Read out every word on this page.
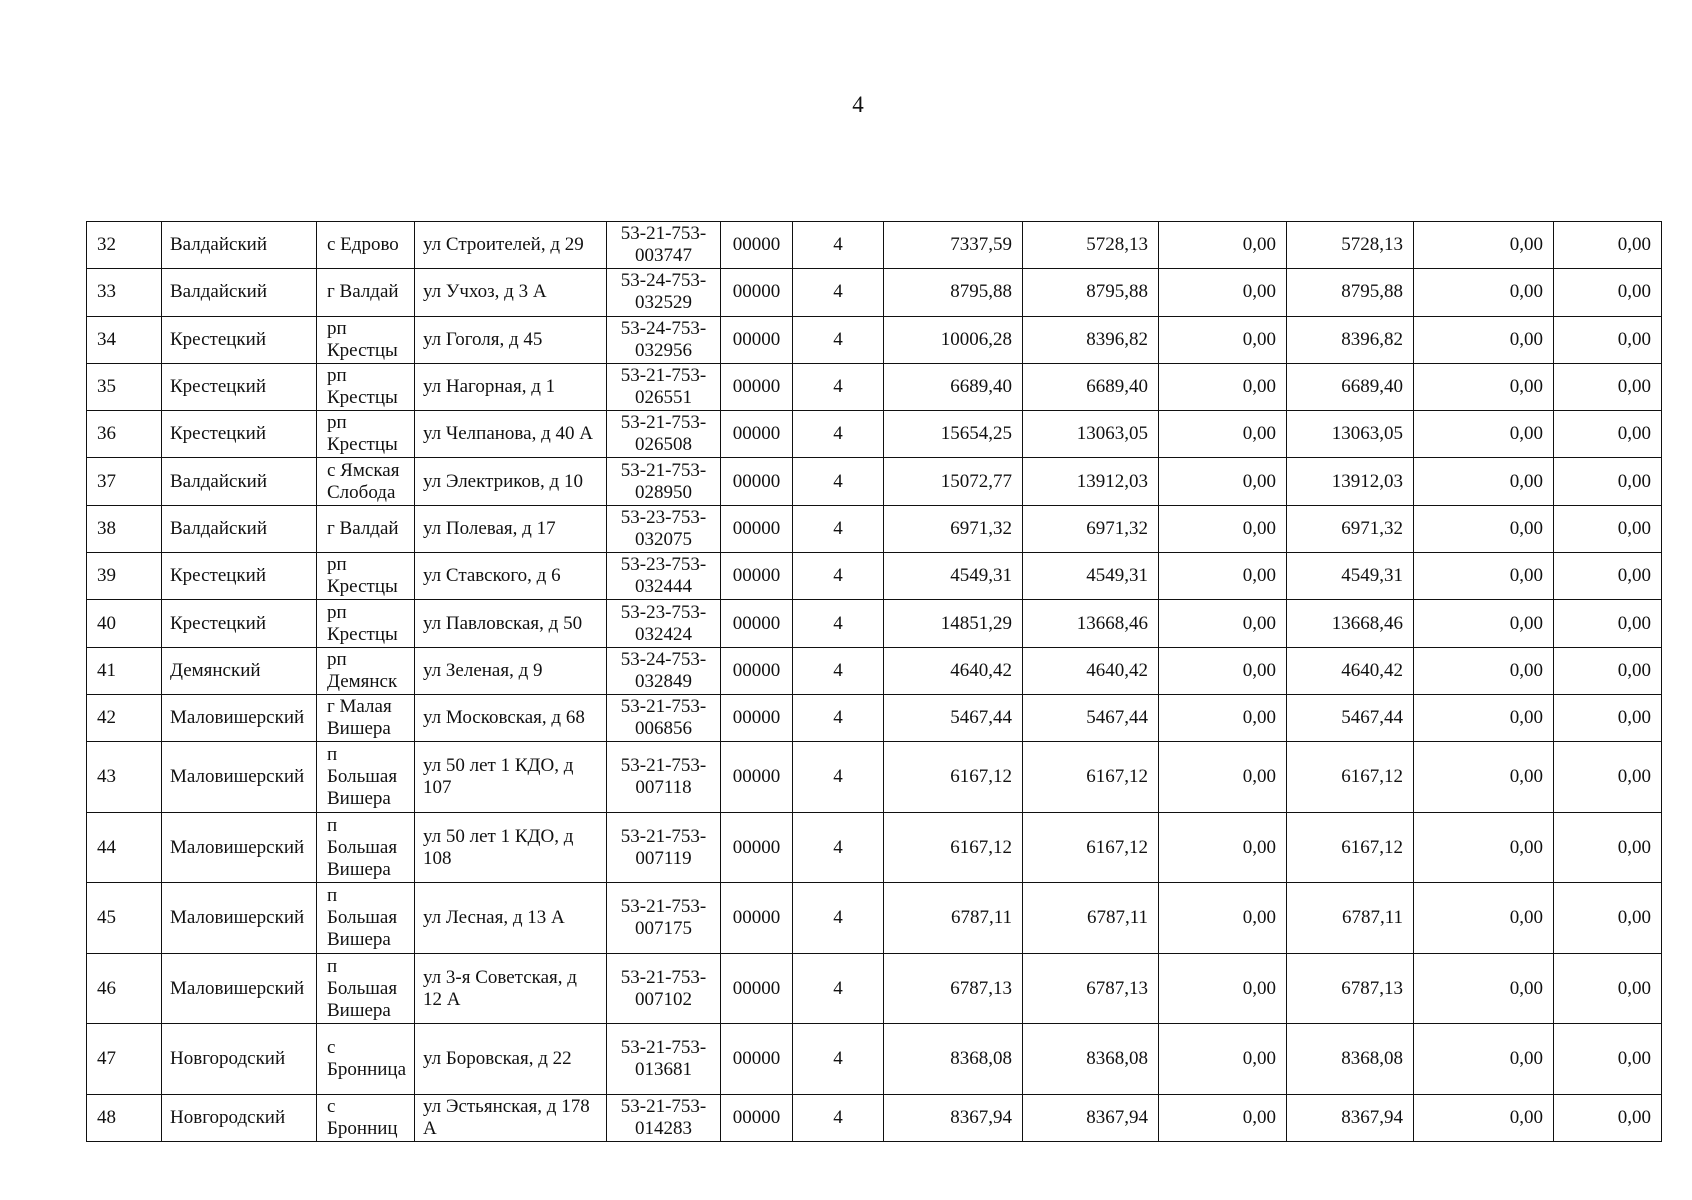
4
32	Валдайский	с Едрово	ул Строителей, д 29	53-21-753-003747	00000	4	7337,59	5728,13	0,00	5728,13	0,00	0,00
33	Валдайский	г Валдай	ул Учхоз, д 3 А	53-24-753-032529	00000	4	8795,88	8795,88	0,00	8795,88	0,00	0,00
34	Крестецкий	рп Крестцы	ул Гоголя, д 45	53-24-753-032956	00000	4	10006,28	8396,82	0,00	8396,82	0,00	0,00
35	Крестецкий	рп Крестцы	ул Нагорная, д 1	53-21-753-026551	00000	4	6689,40	6689,40	0,00	6689,40	0,00	0,00
36	Крестецкий	рп Крестцы	ул Челпанова, д 40 А	53-21-753-026508	00000	4	15654,25	13063,05	0,00	13063,05	0,00	0,00
37	Валдайский	с Ямская Слобода	ул Электриков, д 10	53-21-753-028950	00000	4	15072,77	13912,03	0,00	13912,03	0,00	0,00
38	Валдайский	г Валдай	ул Полевая, д 17	53-23-753-032075	00000	4	6971,32	6971,32	0,00	6971,32	0,00	0,00
39	Крестецкий	рп Крестцы	ул Ставского, д 6	53-23-753-032444	00000	4	4549,31	4549,31	0,00	4549,31	0,00	0,00
40	Крестецкий	рп Крестцы	ул Павловская, д 50	53-23-753-032424	00000	4	14851,29	13668,46	0,00	13668,46	0,00	0,00
41	Демянский	рп Демянск	ул Зеленая, д 9	53-24-753-032849	00000	4	4640,42	4640,42	0,00	4640,42	0,00	0,00
42	Маловишерский	г Малая Вишера	ул Московская, д 68	53-21-753-006856	00000	4	5467,44	5467,44	0,00	5467,44	0,00	0,00
43	Маловишерский	п Большая Вишера	ул 50 лет 1 КДО, д 107	53-21-753-007118	00000	4	6167,12	6167,12	0,00	6167,12	0,00	0,00
44	Маловишерский	п Большая Вишера	ул 50 лет 1 КДО, д 108	53-21-753-007119	00000	4	6167,12	6167,12	0,00	6167,12	0,00	0,00
45	Маловишерский	п Большая Вишера	ул Лесная, д 13 А	53-21-753-007175	00000	4	6787,11	6787,11	0,00	6787,11	0,00	0,00
46	Маловишерский	п Большая Вишера	ул 3-я Советская, д 12 А	53-21-753-007102	00000	4	6787,13	6787,13	0,00	6787,13	0,00	0,00
47	Новгородский	с Бронница	ул Боровская, д 22	53-21-753-013681	00000	4	8368,08	8368,08	0,00	8368,08	0,00	0,00
48	Новгородский	с Бронниц	ул Эстьянская, д 178 А	53-21-753-014283	00000	4	8367,94	8367,94	0,00	8367,94	0,00	0,00
